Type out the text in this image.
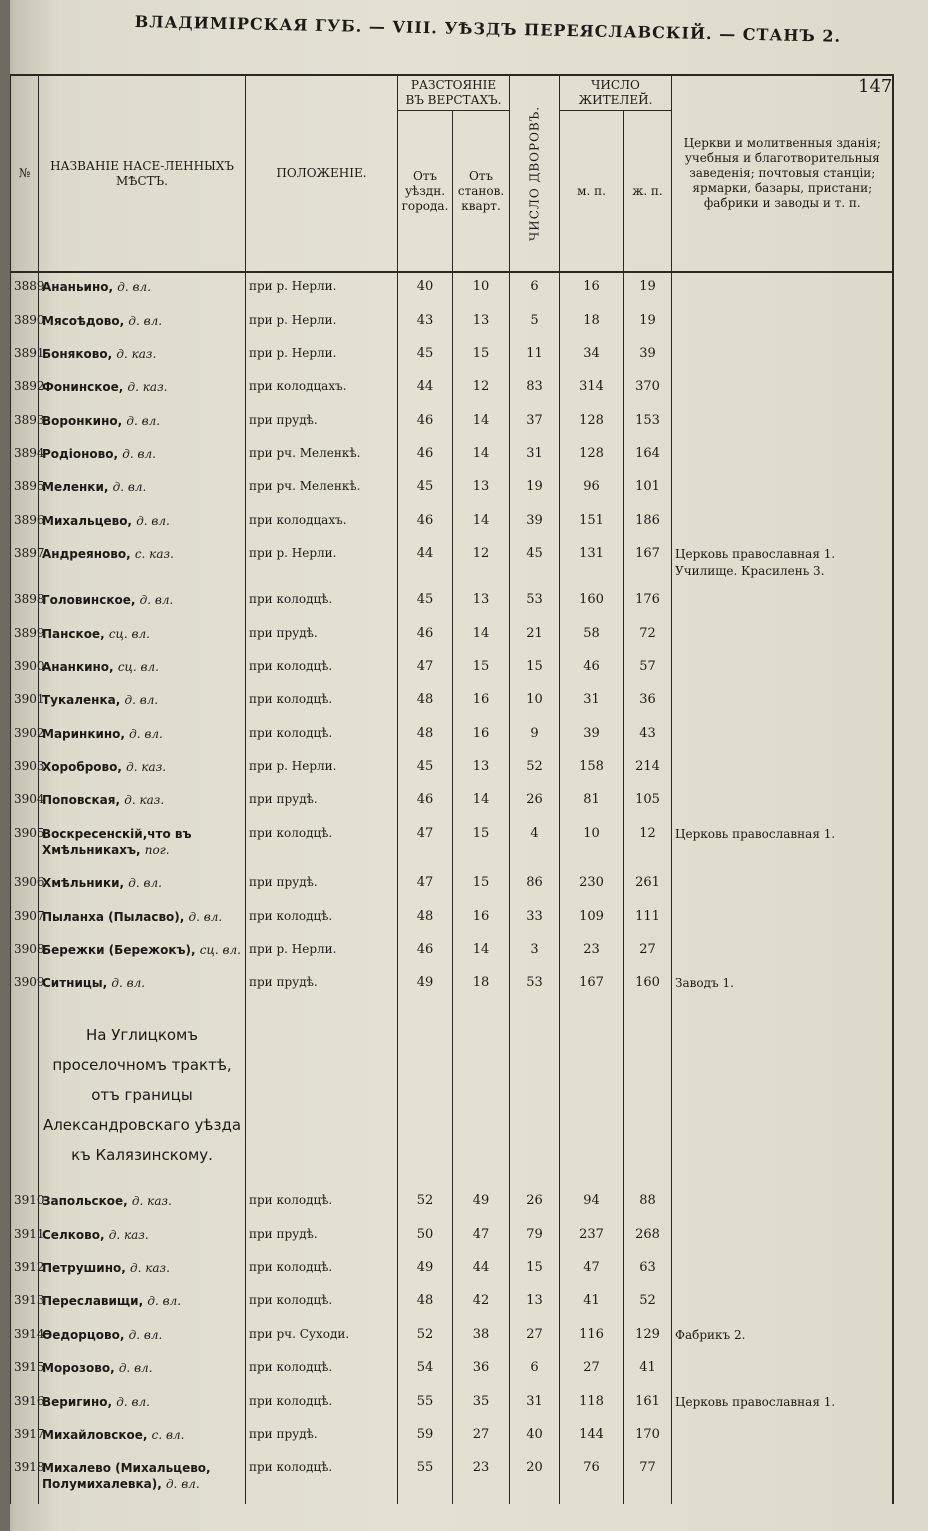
ВЛАДИМIРСКАЯ ГУБ. — VIII. УѢЗДЪ ПЕРЕЯСЛАВСКIЙ. — СТАНЪ 2.
147
№	НАЗВАНIЕ НАСЕ-ЛЕННЫХЪ МѢСТЪ.	ПОЛОЖЕНIЕ.	РАЗСТОЯНIЕ ВЪ ВЕРСТАХЪ.		ЧИСЛО ДВОРОВЪ.	ЧИСЛО ЖИТЕЛЕЙ.		Церкви и молитвенныя зданiя; учебныя и благотворительныя заведенiя; почтовыя станцiи; ярмарки, базары, пристани; фабрики и заводы и т. п.
			Отъ уѣздн. города.	Отъ станов. кварт.		м. п.	ж. п.	
3889	Ананьино, д. вл.	при р. Нерли.	40	10	6	16	19	
3890	Мясоѣдово, д. вл.	при р. Нерли.	43	13	5	18	19	
3891	Боняково, д. каз.	при р. Нерли.	45	15	11	34	39	
3892	Фонинское, д. каз.	при колодцахъ.	44	12	83	314	370	
3893	Воронкино, д. вл.	при прудѣ.	46	14	37	128	153	
3894	Родiоново, д. вл.	при рч. Меленкѣ.	46	14	31	128	164	
3895	Меленки, д. вл.	при рч. Меленкѣ.	45	13	19	96	101	
3896	Михальцево, д. вл.	при колодцахъ.	46	14	39	151	186	
3897	Андреяново, с. каз.	при р. Нерли.	44	12	45	131	167	Церковь православная 1. Училище. Красилень 3.
3898	Головинское, д. вл.	при колодцѣ.	45	13	53	160	176	
3899	Панское, сц. вл.	при прудѣ.	46	14	21	58	72	
3900	Ананкино, сц. вл.	при колодцѣ.	47	15	15	46	57	
3901	Тукаленка, д. вл.	при колодцѣ.	48	16	10	31	36	
3902	Маринкино, д. вл.	при колодцѣ.	48	16	9	39	43	
3903	Хороброво, д. каз.	при р. Нерли.	45	13	52	158	214	
3904	Поповская, д. каз.	при прудѣ.	46	14	26	81	105	
3905	Воскресенскiй,что въ Хмѣльникахъ, пог.	при колодцѣ.	47	15	4	10	12	Церковь православная 1.
3906	Хмѣльники, д. вл.	при прудѣ.	47	15	86	230	261	
3907	Пыланха (Пылаcво), д. вл.	при колодцѣ.	48	16	33	109	111	
3908	Бережки (Бережокъ), сц. вл.	при р. Нерли.	46	14	3	23	27	
3909	Ситницы, д. вл.	при прудѣ.	49	18	53	167	160	Заводъ 1.
	На Углицкомъ проселочномъ трактѣ, отъ границы Александровскаго уѣзда къ Калязинскому.							
3910	Запольское, д. каз.	при колодцѣ.	52	49	26	94	88	
3911	Селково, д. каз.	при прудѣ.	50	47	79	237	268	
3912	Петрушино, д. каз.	при колодцѣ.	49	44	15	47	63	
3913	Переславищи, д. вл.	при колодцѣ.	48	42	13	41	52	
3914	Ѳедорцово, д. вл.	при рч. Суходи.	52	38	27	116	129	Фабрикъ 2.
3915	Морозово, д. вл.	при колодцѣ.	54	36	6	27	41	
3916	Веригино, д. вл.	при колодцѣ.	55	35	31	118	161	Церковь православная 1.
3917	Михайловское, с. вл.	при прудѣ.	59	27	40	144	170	
3918	Михалево (Михальцево, Полумихалевка), д. вл.	при колодцѣ.	55	23	20	76	77	
